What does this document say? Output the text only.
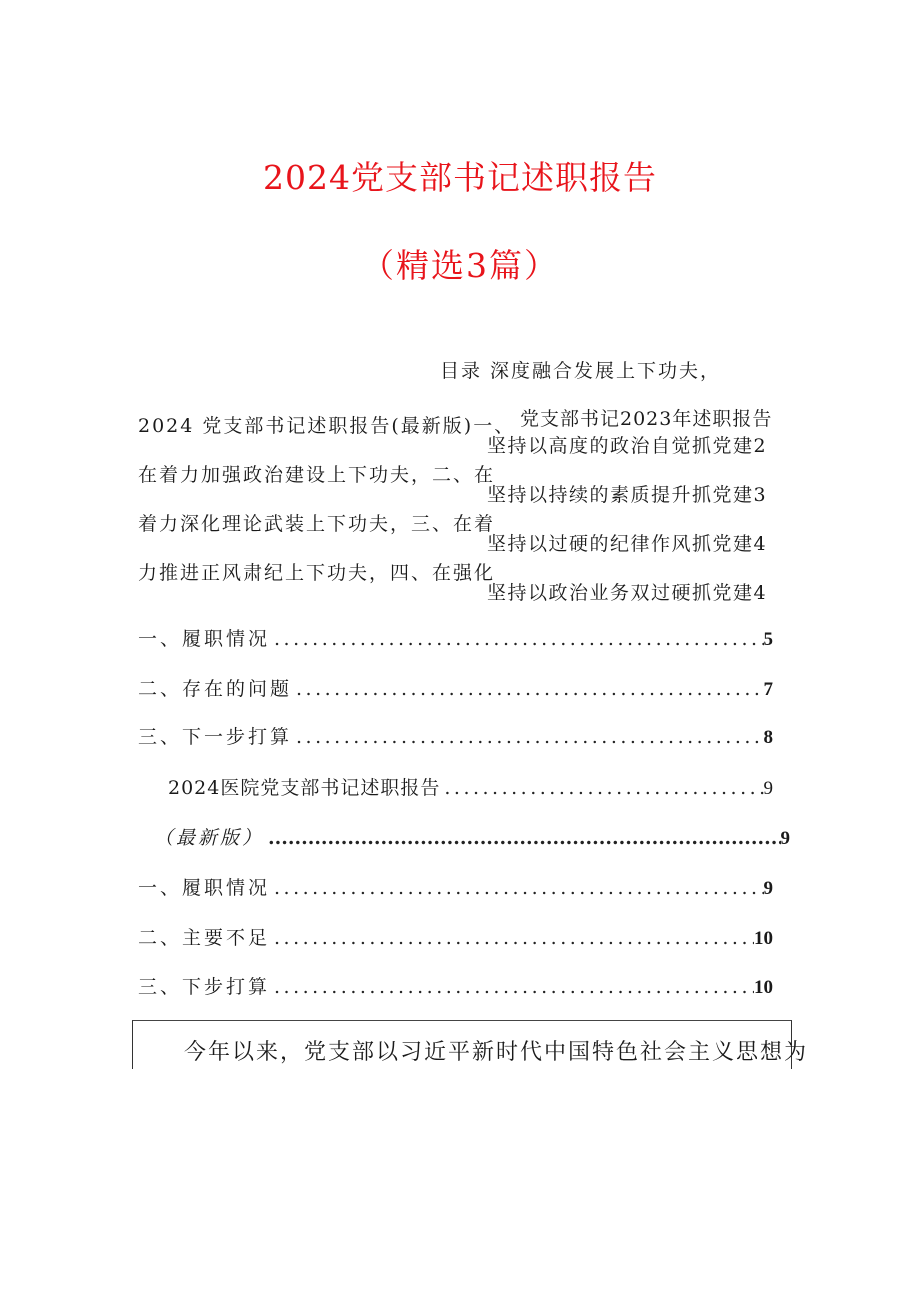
2024党支部书记述职报告
（精选3篇）
目录 深度融合发展上下功夫，
2024 党支部书记述职报告(最新版)一、
在着力加强政治建设上下功夫，二、在
着力深化理论武装上下功夫，三、在着
力推进正风肃纪上下功夫，四、在强化
党支部书记2023年述职报告
坚持以高度的政治自觉抓党建2
坚持以持续的素质提升抓党建3
坚持以过硬的纪律作风抓党建4
坚持以政治业务双过硬抓党建4
一、履职情况 .....	5
二、存在的问题 .....	7
三、下一步打算 .....	8
2024医院党支部书记述职报告 .....	9
（最新版） .....	9
一、履职情况 .....	9
二、主要不足 .....	10
三、下步打算 .....	10
今年以来，党支部以习近平新时代中国特色社会主义思想为
